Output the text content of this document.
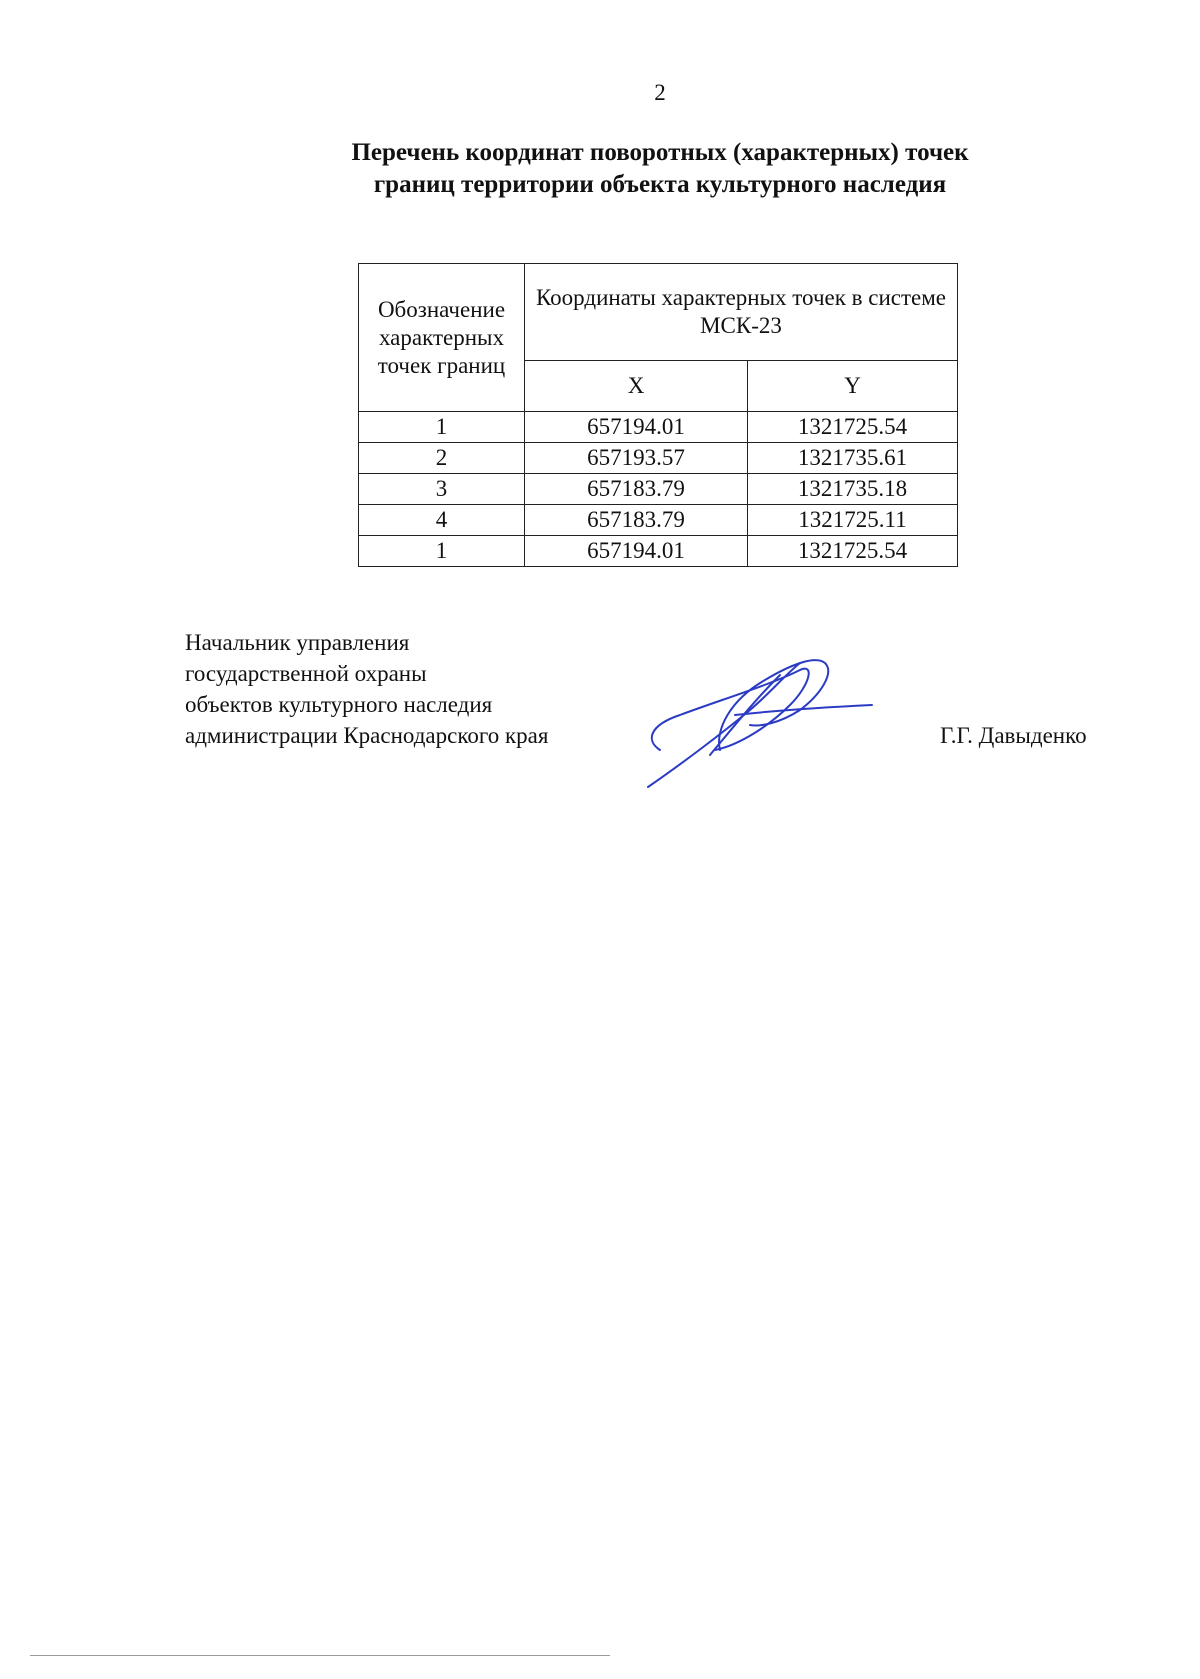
2
Перечень координат поворотных (характерных) точек
границ территории объекта культурного наследия
Обозначение характерных точек границ	Координаты характерных точек в системе МСК-23	
	X	Y
1	657194.01	1321725.54
2	657193.57	1321735.61
3	657183.79	1321735.18
4	657183.79	1321725.11
1	657194.01	1321725.54
Начальник управления
государственной охраны
объектов культурного наследия
администрации Краснодарского края	Г.Г. Давыденко
